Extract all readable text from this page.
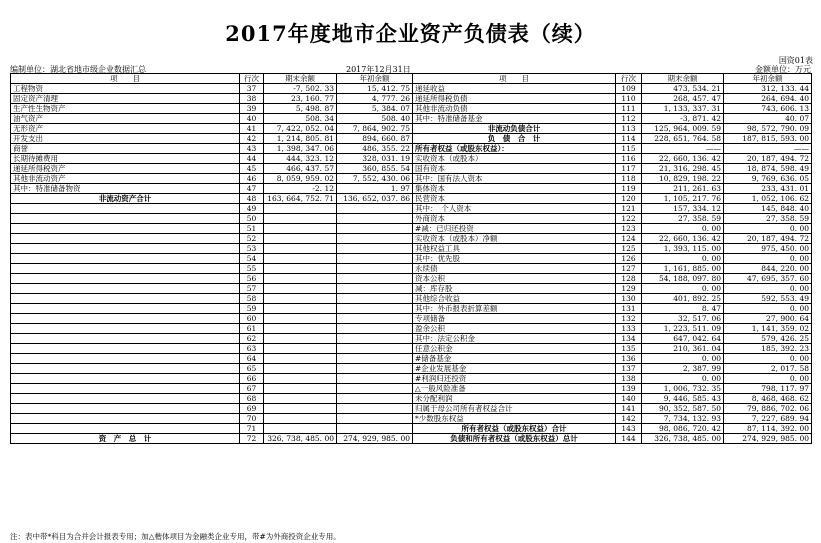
2017年度地市企业资产负债表（续）
国资01表
编制单位：湖北省地市级企业数据汇总	2017年12月31日	金额单位：万元
项　　目	行次	期末余额	年初余额	项　　目	行次	期末余额	年初余额
工程物资	37	-7, 502. 33	15, 412. 75	递延收益	109	473, 534. 21	312, 133. 44
固定资产清理	38	23, 160. 77	4, 777. 26	递延所得税负债	110	268, 457. 47	264, 694. 40
生产性生物资产	39	5, 498. 87	5, 384. 07	其他非流动负债	111	1, 133, 337. 31	743, 606. 13
油气资产	40	508. 34	508. 40	其中：特准储备基金	112	-3, 871. 42	40. 07
无形资产	41	7, 422, 052. 04	7, 864, 902. 75	非流动负债合计	113	125, 964, 009. 59	98, 572, 790. 09
开发支出	42	1, 214, 805. 81	894, 660. 87	负　债　合　计	114	228, 651, 764. 58	187, 815, 593. 00
商誉	43	1, 398, 347. 06	486, 355. 22	所有者权益（或股东权益）：	115	——	——
长期待摊费用	44	444, 323. 12	328, 031. 19	实收资本（或股本）	116	22, 660, 136. 42	20, 187, 494. 72
递延所得税资产	45	466, 437. 57	360, 855. 54	国有资本	117	21, 316, 298. 45	18, 874, 598. 49
其他非流动资产	46	8, 059, 959. 02	7, 552, 430. 06	其中：国有法人资本	118	10, 829, 198. 22	9, 769, 636. 05
其中：特准储备物资	47	-2. 12	1. 97	集体资本	119	211, 261. 63	233, 431. 01
非流动资产合计	48	163, 664, 752. 71	136, 652, 037. 86	民营资本	120	1, 105, 217. 76	1, 052, 106. 62
	49			其中：　个人资本	121	157, 334. 12	145, 848. 40
	50			外商资本	122	27, 358. 59	27, 358. 59
	51			#减：已归还投资	123	0. 00	0. 00
	52			实收资本（或股本）净额	124	22, 660, 136. 42	20, 187, 494. 72
	53			其他权益工具	125	1, 393, 115. 00	975, 450. 00
	54			其中：优先股	126	0. 00	0. 00
	55			永续债	127	1, 161, 885. 00	844, 220. 00
	56			资本公积	128	54, 188, 097. 80	47, 695, 357. 60
	57			减：库存股	129	0. 00	0. 00
	58			其他综合收益	130	401, 892. 25	592, 553. 49
	59			其中：外币报表折算差额	131	8. 47	0. 00
	60			专项储备	132	32, 517. 06	27, 900. 64
	61			盈余公积	133	1, 223, 511. 09	1, 141, 359. 02
	62			其中：法定公积金	134	647, 042. 64	579, 426. 25
	63			任意公积金	135	210, 361. 04	185, 392. 23
	64			#储备基金	136	0. 00	0. 00
	65			#企业发展基金	137	2, 387. 99	2, 017. 58
	66			#利润归还投资	138	0. 00	0. 00
	67			△一般风险准备	139	1, 006, 732. 35	798, 117. 97
	68			未分配利润	140	9, 446, 585. 43	8, 468, 468. 62
	69			归属于母公司所有者权益合计	141	90, 352, 587. 50	79, 886, 702. 06
	70			*少数股东权益	142	7, 734, 132. 93	7, 227, 689. 94
	71			所有者权益（或股东权益）合计	143	98, 086, 720. 42	87, 114, 392. 00
资　产　总　计	72	326, 738, 485. 00	274, 929, 985. 00	负债和所有者权益（或股东权益）总计	144	326, 738, 485. 00	274, 929, 985. 00
注：表中带*科目为合并会计报表专用；加△楷体项目为金融类企业专用，带#为外商投资企业专用。
